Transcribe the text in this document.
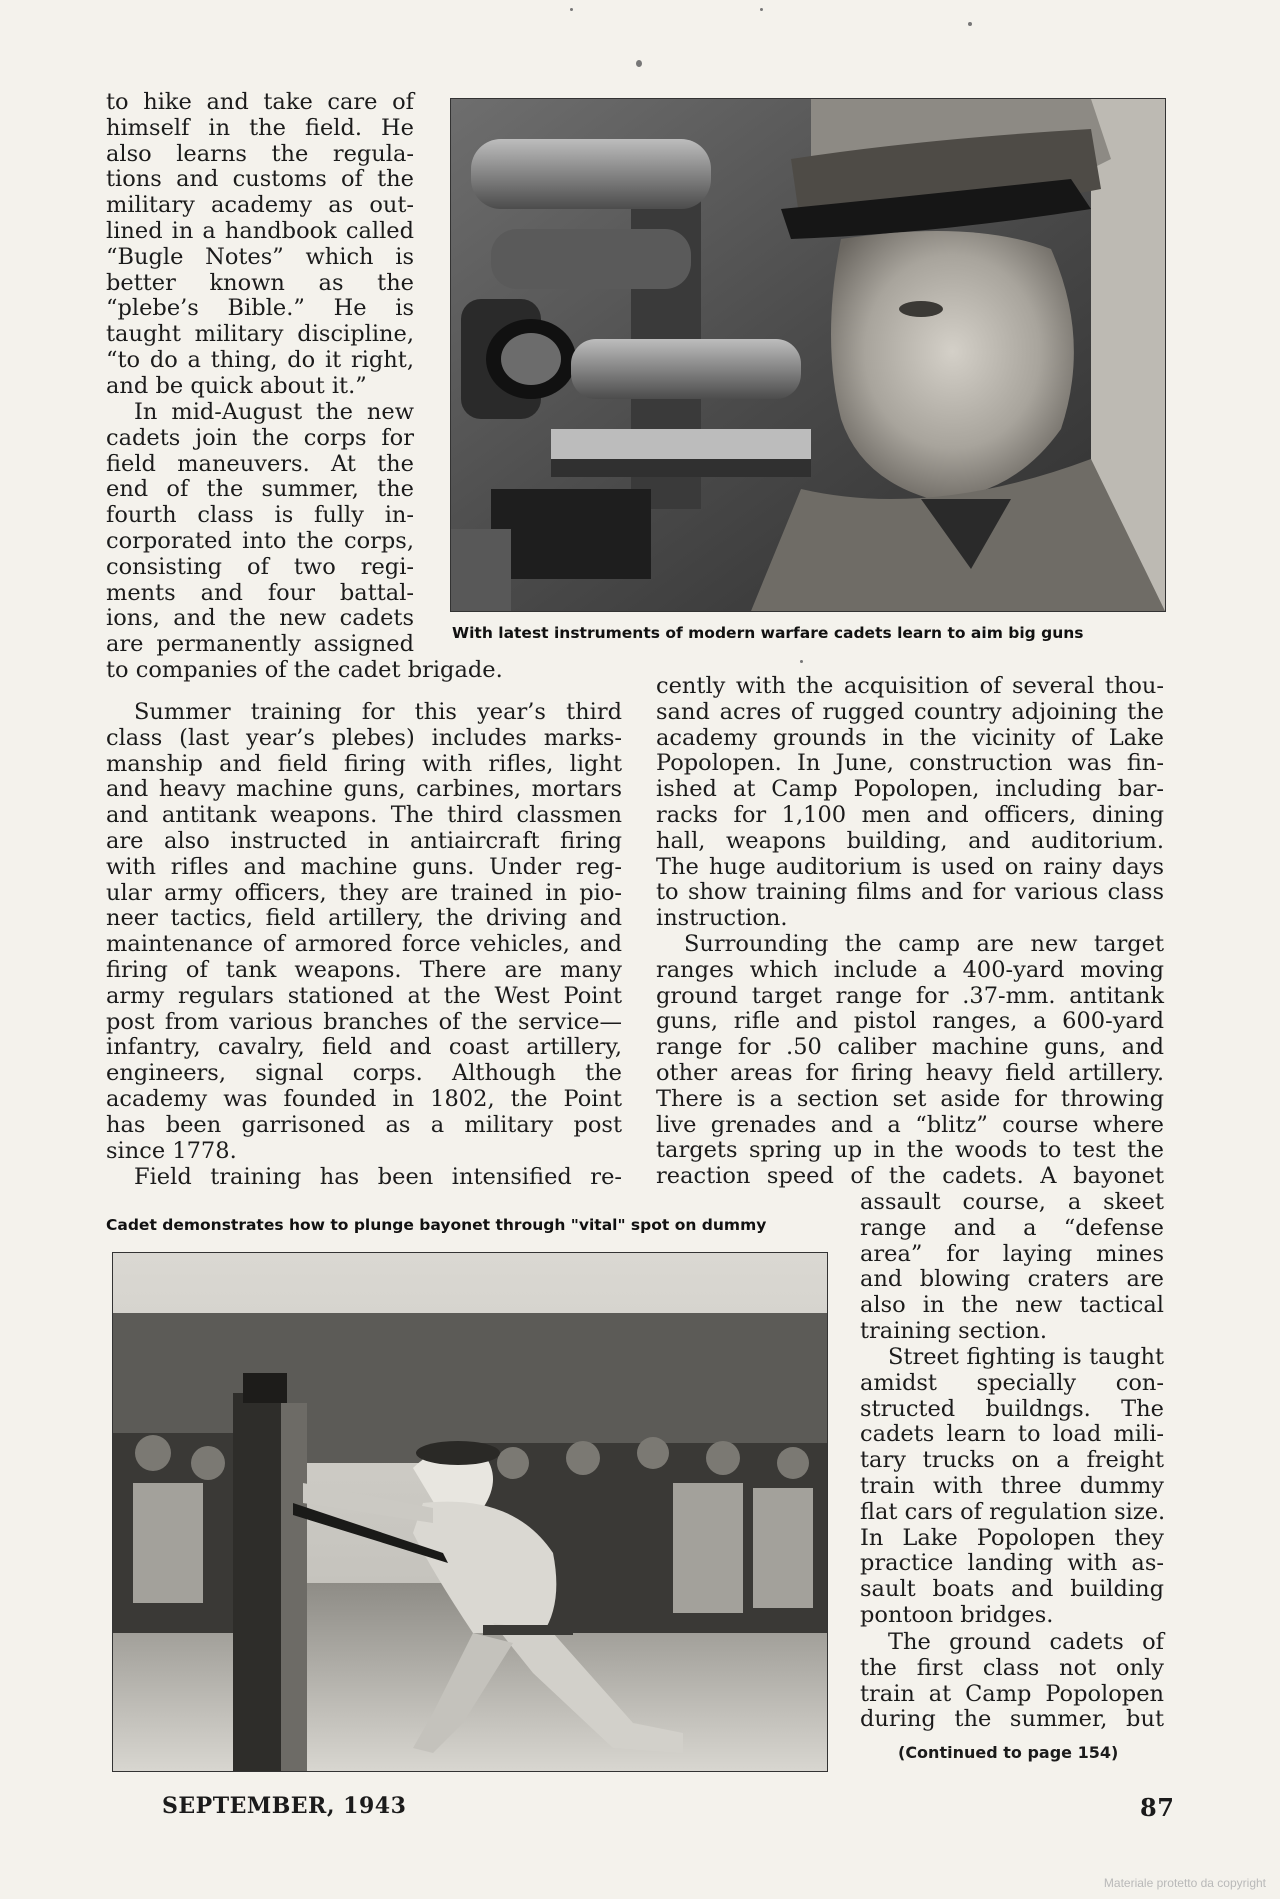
With latest instruments of modern warfare cadets learn to aim big guns
Cadet demonstrates how to plunge bayonet through "vital" spot on dummy
to hike and take care of
himself in the field. He
also learns the regula-
tions and customs of the
military academy as out-
lined in a handbook called
“Bugle Notes” which is
better known as the
“plebe’s Bible.” He is
taught military discipline,
“to do a thing, do it right,
and be quick about it.”
In mid-August the new
cadets join the corps for
field maneuvers. At the
end of the summer, the
fourth class is fully in-
corporated into the corps,
consisting of two regi-
ments and four battal-
ions, and the new cadets
are permanently assigned
to companies of the cadet brigade.
Summer training for this year’s third
class (last year’s plebes) includes marks-
manship and field firing with rifles, light
and heavy machine guns, carbines, mortars
and antitank weapons. The third classmen
are also instructed in antiaircraft firing
with rifles and machine guns. Under reg-
ular army officers, they are trained in pio-
neer tactics, field artillery, the driving and
maintenance of armored force vehicles, and
firing of tank weapons. There are many
army regulars stationed at the West Point
post from various branches of the service—
infantry, cavalry, field and coast artillery,
engineers, signal corps. Although the
academy was founded in 1802, the Point
has been garrisoned as a military post
since 1778.
Field training has been intensified re-
cently with the acquisition of several thou-
sand acres of rugged country adjoining the
academy grounds in the vicinity of Lake
Popolopen. In June, construction was fin-
ished at Camp Popolopen, including bar-
racks for 1,100 men and officers, dining
hall, weapons building, and auditorium.
The huge auditorium is used on rainy days
to show training films and for various class
instruction.
Surrounding the camp are new target
ranges which include a 400-yard moving
ground target range for .37-mm. antitank
guns, rifle and pistol ranges, a 600-yard
range for .50 caliber machine guns, and
other areas for firing heavy field artillery.
There is a section set aside for throwing
live grenades and a “blitz” course where
targets spring up in the woods to test the
reaction speed of the cadets. A bayonet
assault course, a skeet
range and a “defense
area” for laying mines
and blowing craters are
also in the new tactical
training section.
Street fighting is taught
amidst specially con-
structed buildngs. The
cadets learn to load mili-
tary trucks on a freight
train with three dummy
flat cars of regulation size.
In Lake Popolopen they
practice landing with as-
sault boats and building
pontoon bridges.
The ground cadets of
the first class not only
train at Camp Popolopen
during the summer, but
(Continued to page 154)
SEPTEMBER, 1943	87
Materiale protetto da copyright
